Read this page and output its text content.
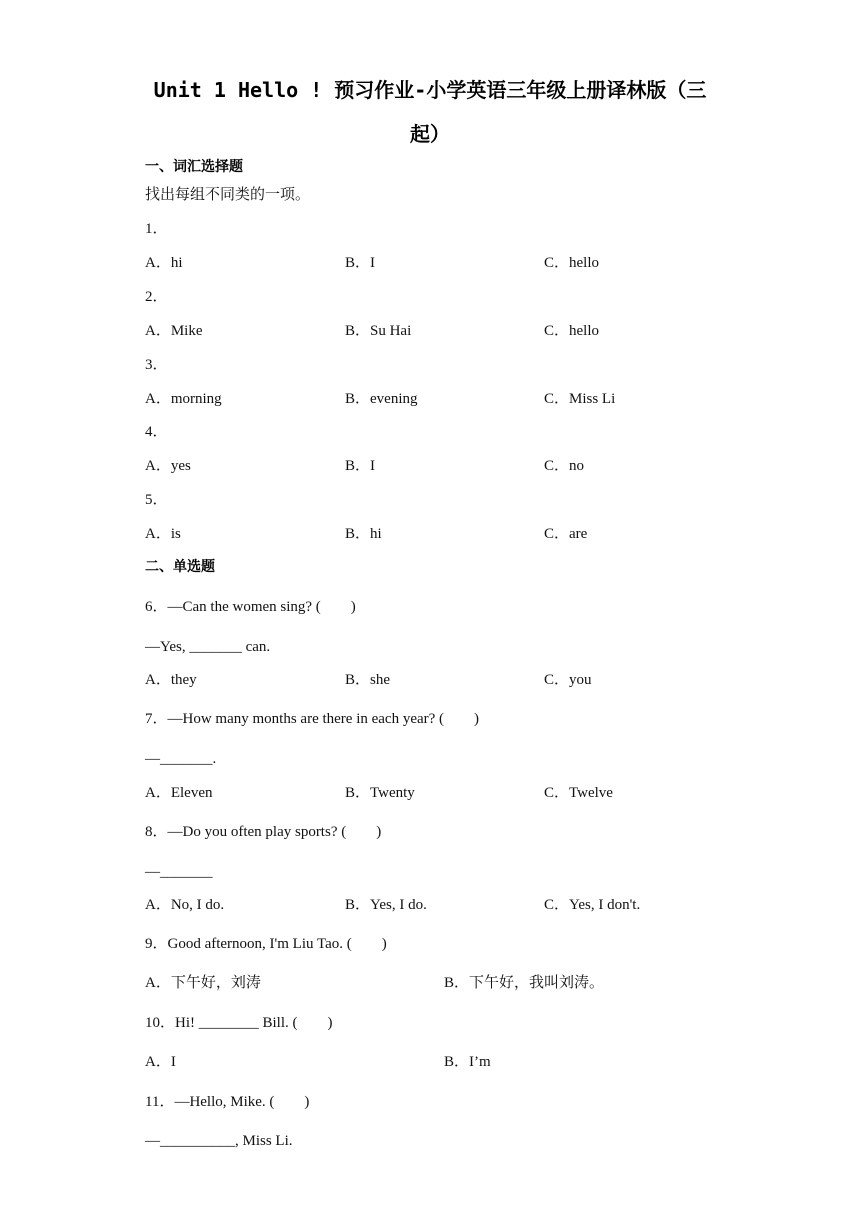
Unit 1 Hello ! 预习作业-小学英语三年级上册译林版（三
起）
一、词汇选择题
找出每组不同类的一项。
1．
A．hi	B．I	C．hello
2．
A．Mike	B．Su Hai	C．hello
3．
A．morning	B．evening	C．Miss Li
4．
A．yes	B．I	C．no
5．
A．is	B．hi	C．are
二、单选题
6．—Can the women sing? (　　)
—Yes, _______ can.
A．they	B．she	C．you
7．—How many months are there in each year? (　　)
—_______.
A．Eleven	B．Twenty	C．Twelve
8．—Do you often play sports? (　　)
—_______
A．No, I do.	B．Yes, I do.	C．Yes, I don't.
9．Good afternoon, I'm Liu Tao. (　　)
A．下午好，刘涛	B．下午好，我叫刘涛。
10．Hi! ________ Bill. (　　)
A．I	B．I’m
11．—Hello, Mike. (　　)
—__________, Miss Li.
